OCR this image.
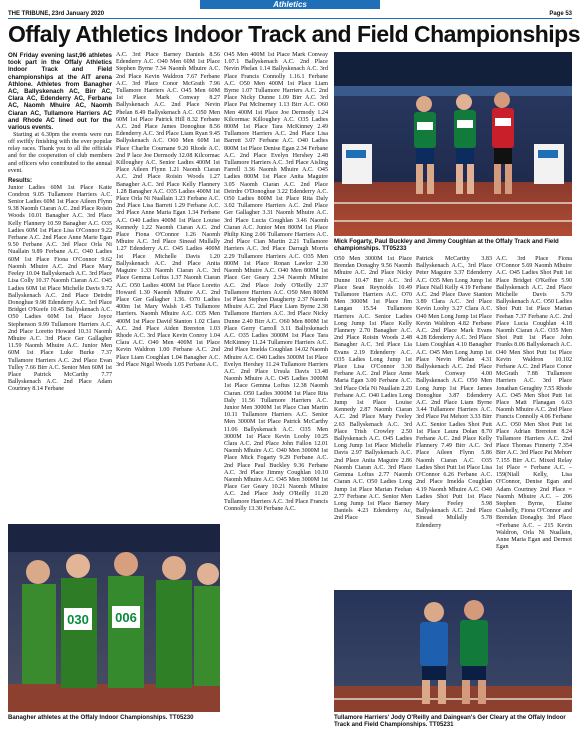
Athletics
THE TRIBUNE, 23rd January 2020	Page 53
Offaly Athletics Indoor Track and Field Championships

ON Friday evening last,96 athletes took part in the Offaly Athletics Indoor Track and Field championships at the AIT arena Athlone. Athletes from Banagher AC, Ballyskenach AC, Birr AC, Clara AC, Edenderry AC, Ferbane AC, Naomh Mhuire AC, Naomh Ciaran AC, Tullamore Harriers AC and Rhode AC lined out for the various events.

Starting at 6.30pm the events were run off swiftly finishing with the ever popular relay races. Thank you to all the officials and for the cooperation of club members and officers who contributed to the annual event.

Results:

Junior Ladies 60M 1st Place Katie Condron 9.05 Tullamore Harriers A.C. Senior Ladies 60M 1st Place Aileen Flynn 9.38 Naomh Ciaran A.C. 2nd Place Roisin Woods 10.01 Banagher A.C. 3rd Place Kelly Flannery 10.59 Banagher A.C. O35 Ladies 60M 1st Place Lisa O'Connor 9.22 Ferbane A.C. 2nd Place Anne Marie Egan 9.50 Ferbane A.C. 3rd Place Orla Ni Nuallain 9.89 Ferbane A.C. O40 Ladies 60M 1st Place Fiona O'Connor 9.62 Naomh Mhuire A.C. 2nd Place Mary Feeley 10.04 Ballyskenach A.C. 3rd Place Lisa Colly 10.37 Naomh Ciaran A.C. O45 Ladies 60M 1st Place Michelle Davis 9.72 Ballyskenach A.C. 2nd Place Deirdre Donoghue 9.98 Edenderry A.C. 3rd Place Bridget O'Keefe 10.45 Ballyskenach A.C. O50 Ladies 60M 1st Place Joyce Stephenson 9.99 Tullamore Harriers A.C. 2nd Place Loretto Howard 10.31 Naomh Mhuire A.C. 3rd Place Ger Gallagher 11.59 Naomh Mhuire A.C. Junior Men 60M 1st Place Luke Burke 7.37 Tullamore Harriers A.C. 2nd Place Evan Tulley 7.66 Birr A.C. Senior Men 60M 1st Place Patrick McCarthy 7.77 Ballyskenach A.C. 2nd Place Adam Courtney 8.14 Ferbane

A.C. 3rd Place Barney Daniels 8.56 Edenderry A.C. O40 Men 60M 1st Place Stephen Byrne 7.34 Naomh Mhuire A.C. 2nd Place Kevin Waldron 7.67 Ferbane A.C. 3rd Place Conor McGrath 7.96 Tullamore Harriers A.C. O45 Men 60M 1st Place Mark Conway 8.27 Ballyskenach A.C. 2nd Place Nevin Phelan 8.49 Ballyskenach A.C. O50 Men 60M 1st Place Patrick Hill 8.32 Ferbane A.C. 2nd Place James Donoghue 8.56 Edenderry A.C. 3rd Place Liam Ryan 9.45 Ballyskenach A.C. O60 Men 60M 1st Place Charlie Cournane 9.20 Rhode A.C. 2nd P lace Joe Dermody 12.08 Kilcormac Killoughey A.C. Senior Ladies 400M 1st Place Aileen Flynn 1.21 Naomh Ciaran A.C. 2nd Place Roisin Woods 1.27 Banagher A.C. 3rd Place Kelly Flannery 1.28 Banagher A.C. O35 Ladies 400M 1st Place Orla Ni Nuallain 1.23 Ferbane A.C. 2nd Place Lisa Barrett 1.29 Ferbane A.C. 3rd Place Anne Maria Egan 1.34 Ferbane A.C. O40 Ladies 400M 1st Place Louise Kennedy 1.22 Naomh Ciaran A.C. 2nd Place Fiona O'Connor 1.26 Naomh Mhuire A.C. 3rd Place Sinead Mullally 1.27 Edenderry A.C. O45 Ladies 400M 1st Place Michelle Davis 1.20 Ballyskenach A.C. 2nd Place Anita Maguire 1.33 Naomh Ciaran A.C. 3rd Place Gemma Loftus 1.37 Naomh Ciaran A.C. O50 Ladies 400M 1st Place Loretto Howard 1.30 Naomh Mhuire A.C. 2nd Place Ger Gallagher 1.36. O70 Ladies 400m 1st Mary Walsh 1.45 Tullamore Harriers. Naomh Mhuire A.C. O35 Men 400M 1st Place David Stanton 1.02 Clara A.C. 2nd Place Aiden Brereton 1.03 Rhode A.C. 3rd Place Kevin Conroy 1.04 Clara A.C. O40 Men 400M 1st Place Kevin Waldron 1.00 Ferbane A.C. 2nd Place Liam Coughlan 1.04 Banagher A.C. 3rd Place Nigel Woods 1.05 Ferbane A.C.

O45 Men 400M 1st Place Mark Conway 1.07.1 Ballyskenach A.C. 2nd Place Nevin Phelan 1.14 Ballyskenach A.C. 3rd Place Francis Connolly 1.16.1 Ferbane A.C. O50 Men 400M 1st Place Liam Byrne 1.07 Tullamore Harriers A.C. 2nd Place Nicky Dunne 1.09 Birr A.C. 3rd Place Pat McInerney 1.13 Birr A.C. O60 Men 400M 1st Place Joe Dermody 1.24 Kilcormac Killoughey A.C. O35 Ladies 800M 1st Place Tara McKinney 2.49 Tullamore Harriers A.C. 2nd Place Lisa Barrett 3.07 Ferbane A.C. O40 Ladies 800M 1st Place Denise Egan 2.34 Ferbane A.C. 2nd Place Evelyn Hershey 2.48 Tullamore Harriers A.C. 3rd Place Aisling Farrell 3.36 Naomh Mhuire A.C. O45 Ladies 800M 1st Place Anita Maguire 3.05 Naomh Ciaran A.C. 2nd Place Deirdre O'Donoghue 3.22 Edenderry A.C. O50 Ladies 800M 1st Place Rita Daly 3.02 Tullamore Harriers A.C. 2nd Place Ger Gallagher 3.31 Naomh Mhuire A.C. 3rd Place Lucia Coughlan 3.46 Naomh Ciaran A.C. Junior Men 800M 1st Place Philip King 2.06 Tullamore Harriers A.C. 2nd Place Cian Martin 2.21 Tullamore Harriers A.C. 3rd Place Darragh Morris 2.29 Tullamore Harriers A.C. O35 Men 800M 1st Place Ronan Lawlor 2.30 Naomh Mhuire A.C. O40 Men 800M 1st Place Ger Geary 2.34 Naomh Mhuire A.C. 2nd Place Jody O'Reilly 2.37 Tullamore Harriers A.C. O50 Men 800M 1st Place Stephen Daugherty 2.37 Naomh Mhuire A.C. 2nd Place Liam Byrne 2.38 Tullamore Harriers A.C. 3rd Place Nicky Dunne 2.40 Birr A.C. O60 Men 800M 1st Place Gerry Carroll 3.11 Ballyskenach A.C. O35 Ladies 3000M 1st Place Tara McKinney 11.24 Tullamore Harriers A.C. 2nd Place Imelda Coughlan 14.02 Naomh Mhuire A.C. O40 Ladies 3000M 1st Place Evelyn Hershey 11.24 Tullamore Harriers A.C. 2nd Place Ursula Davis 13.48 Naomh Mhuire A.C. O45 Ladies 3000M 1st Place Gemma Loftus 12.38 Naomh Ciaran. O50 Ladies 3000M 1st Place Rita Daly 11.56 Tullamore Harriers A.C. Junior Men 3000M 1st Place Cian Martin 10.11 Tullamore Harriers A.C. Senior Men 3000M 1st Place Patrick McCarthy 11.06 Ballyskenach A.C. O35 Men 3000M 1st Place Kevin Looby 10.25 Clara A.C. 2nd Place John Fallon 12.01 Naomh Mhuire A.C. O40 Men 3000M 1st Place Mick Fogarty 9.29 Ferbane A.C. 2nd Place Paul Buckley 9.36 Ferbane A.C. 3rd Place Jimmy Coughlan 10.10 Naomh Mhuire A.C. O45 Men 3000M 1st Place Ger Geary 10.21 Naomh Mhuire A.C. 2nd Place Jody O'Reilly 11.20 Tullamore Harriers A.C. 3rd Place Francis Connolly 13.30 Ferbane A.C.

Mick Fogarty, Paul Buckley and Jimmy Coughlan at the Offaly Track and Field championships. TT05233

O50 Men 3000M 1st Place Brendan Donaghy 9.56 Naomh Mhuire A.C. 2nd Place Nicky Dunne 10.47 Birr A.C. 3rd Place Sean Reynolds 10.49 Tullamore Harriers A.C. O70 Men 3000M 1st Place Jim Langan 15.54 Tullamore Harriers A.C. Senior Ladies Long Jump 1st Place Kelly Flannery 2.70 Banagher A.C. 2nd Place Roisin Woods 2.48 Banagher A.C. 3rd Place Lia Evans 2.19 Edenderry A.C. O35 Ladies Long Jump 1st Place Lisa O'Connor 3.30 Ferbane A.C. 2nd Place Anne Maria Egan 3.00 Ferbane A.C. 3rd Place Orla Ni Nuallain 2.20 Ferbane A.C. O40 Ladies Long Jump 1st Place Louise Kennedy 2.87 Naomh Ciaran A.C. 2nd Place Mary Feeley 2.63 Ballyskenach A.C. 3rd Place Trish Crowley 2.50 Ballyskenach A.C. O45 Ladies Long Jump 1st Place Michelle Davis 2.97 Ballyskenach A.C. 2nd Place Anita Maguire 2.86 Naomh Ciaran A.C. 3rd Place Gemma Loftus 2.77 Naomh Ciaran A.C. O50 Ladies Long Jump 1st Place Marian Feehan 2.77 Ferbane A.C. Senior Men Long Jump 1st Place Barney Daniels 4.23 Edenderry Ac, 2nd Place

Patrick McCarthy 3.83 Ballyskenach A.C., 3rd Place Peter Maguire 3.37 Edenderry A.C. O35 Men Long Jump 1st Place Niall Kelly 4.19 Ferbane A.C. 2nd Place Dave Stanton 3.89 Clara A.C. 3rd Place Kevin Looby 3.27 Clara A.C. O40 Men Long Jump 1st Place Kevin Waldron 4.82 Ferbane A.C. 2nd Place Mark Evans 4.28 Edenderry A.C. 3rd Place Liam Coughlan 4.10 Banagher A.C. O45 Men Long Jump 1st Place Nevin Phelan 4.31 Ballyskenach A.C. 2nd Place Mark Conway 4.00 Ballyskenach A.C. O50 Men Long Jump 1st Place James Donoghue 3.87 Edenderry A.C. 2nd Place Liam Byrne 3.44 Tullamore Harriers A.C. 3rd Place Pat Mehorr 3.33 Birr A.C. Senior Ladies Shot Putt 1st Place Laura Dolan 8.70 Ferbane A.C. 2nd Place Kelly Flannery 7.49 Birr A.C. 3rd Place Aileen Flynn 5.86 Naomh Ciaran A.C. O35 Ladies Shot Putt 1st Place Lisa O'Connor 6.26 Ferbane A.C. 2nd Place Imelda Coughlan 4.19 Naomh Mhuire A.C. O40 Ladies Shot Putt 1st Place Mary Feeley 5.98 Ballyskenach A.C. 2nd Place Sinead Mullally 5.78 Edenderry

A.C. 3rd Place Fiona O'Connor 5.69 Naomh Mhuire A.C. O45 Ladies Shot Putt 1st Place Bridget O'Keffee 5.90 Ballyskenach A.C. 2nd Place Michelle Davis 5.79 Ballyskenach A.C. O50 Ladies Shot Putt 1st Place Marian Feehan 7.37 Ferbane A.C. 2nd Place Lucia Coughlan 4.18 Naomh Ciaran A.C. O35 Men Shot Putt 1st Place John Franks 8.06 Ballyskenach A.C. O40 Men Shot Putt 1st Place Kevin Waldron 10.102 Ferbane A.C. 2nd Place Conor McGrath 7.88 Tullamore Harriers A.C. 3rd Place Jonathan Geraghty 7.55 Rhode A.C. O45 Men Shot Putt 1st Place Matt Flanagan 6.63 Naomh Mhuire A.C. 2nd Place Francis Connolly 4.06 Ferbane A.C. O50 Men Shot Putt 1st Place Adrian Brereton 8.24 Tullamore Harriers A.C. 2nd Place Thomas Finnerty 7.354 Birr A.C. 3rd Place Pat Mehorr 7.155 Birr A.C. Mixed Relay 1st Place = Ferbane A.C. – 159(Niall Kelly, Lisa O'Connor, Denise Egan and Adam Courtney 2nd Place = Naomh Mhuire A.C. – 206 Stephen Byrne, Elaine Cushelly, Fiona O'Connor and Brendan Donaghy. 3rd Place =Ferbane A.C. – 215 Kevin Waldron, Orla Ni Nuallain, Anne Maria Egan and Dermot Egan

030 006
Banagher athletes at the Offaly Indoor Championships. TT05230	Tullamore Harriers' Jody O'Reilly and Daingean's Ger Cleary at the Offaly Indoor Track and Field Championships. TT05231
